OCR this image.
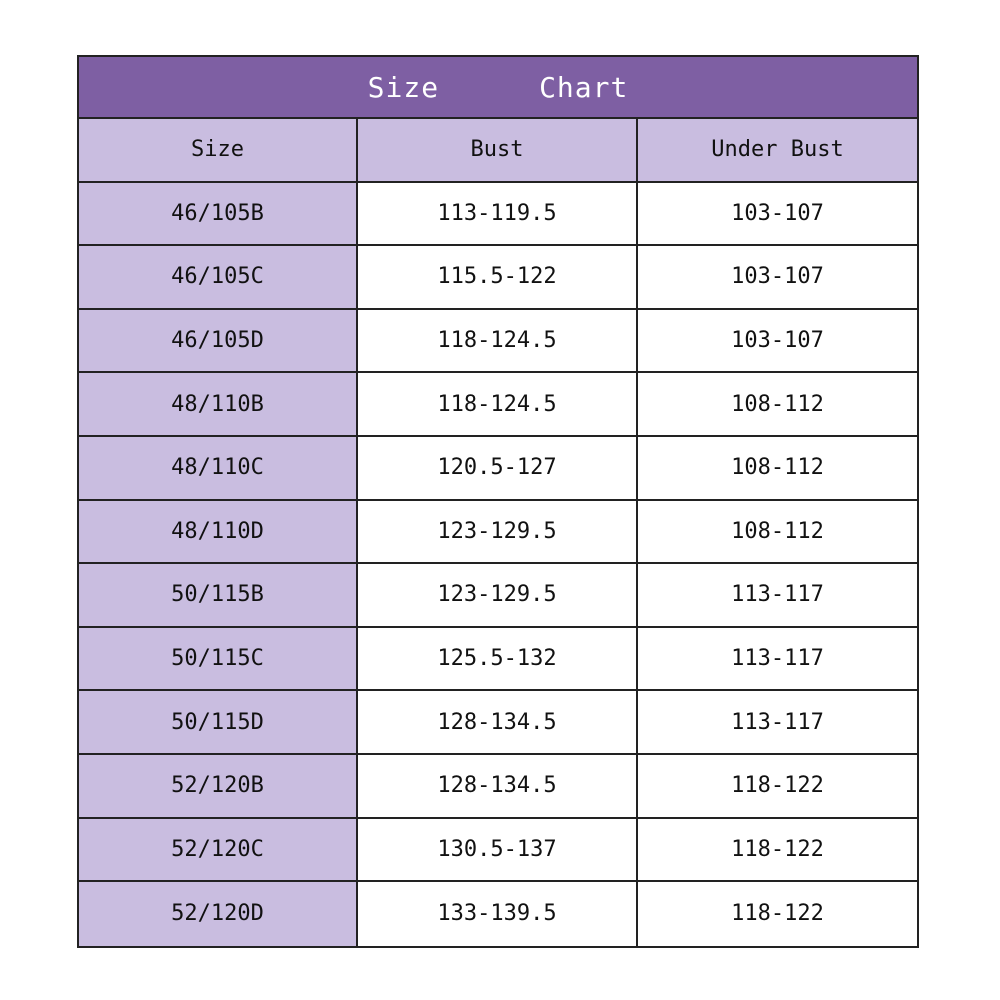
Size	Chart
Size	Bust	Under Bust
46/105B	113-119.5	103-107
46/105C	115.5-122	103-107
46/105D	118-124.5	103-107
48/110B	118-124.5	108-112
48/110C	120.5-127	108-112
48/110D	123-129.5	108-112
50/115B	123-129.5	113-117
50/115C	125.5-132	113-117
50/115D	128-134.5	113-117
52/120B	128-134.5	118-122
52/120C	130.5-137	118-122
52/120D	133-139.5	118-122
